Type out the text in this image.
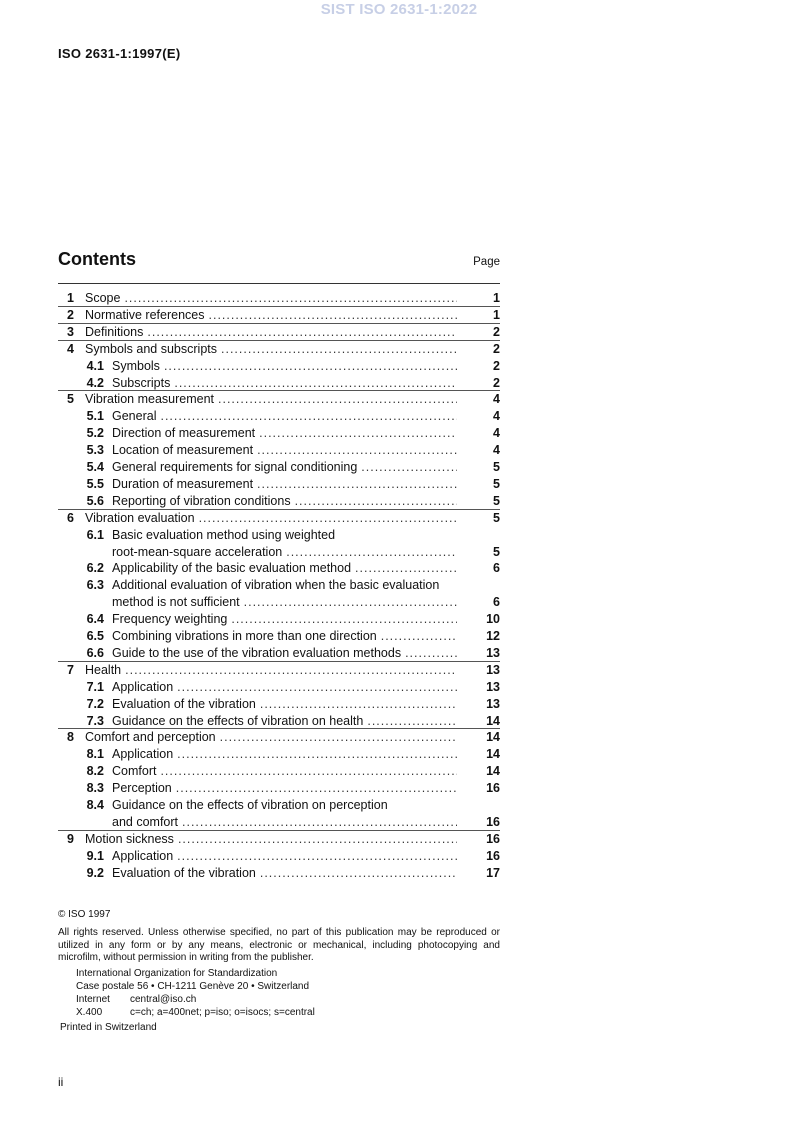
SIST ISO 2631-1:2022
ISO 2631-1:1997(E)
Contents	Page
1 Scope .....	1
2 Normative references .....	1
3 Definitions .....	2
4 Symbols and subscripts .....	2
4.1 Symbols .....	2
4.2 Subscripts .....	2
5 Vibration measurement .....	4
5.1 General .....	4
5.2 Direction of measurement .....	4
5.3 Location of measurement .....	4
5.4 General requirements for signal conditioning .....	5
5.5 Duration of measurement .....	5
5.6 Reporting of vibration conditions .....	5
6 Vibration evaluation .....	5
6.1 Basic evaluation method using weighted
root-mean-square acceleration .....	5
6.2 Applicability of the basic evaluation method .....	6
6.3 Additional evaluation of vibration when the basic evaluation
method is not sufficient .....	6
6.4 Frequency weighting .....	10
6.5 Combining vibrations in more than one direction .....	12
6.6 Guide to the use of the vibration evaluation methods .....	13
7 Health .....	13
7.1 Application .....	13
7.2 Evaluation of the vibration .....	13
7.3 Guidance on the effects of vibration on health .....	14
8 Comfort and perception .....	14
8.1 Application .....	14
8.2 Comfort .....	14
8.3 Perception .....	16
8.4 Guidance on the effects of vibration on perception
and comfort .....	16
9 Motion sickness .....	16
9.1 Application .....	16
9.2 Evaluation of the vibration .....	17
© ISO 1997
All rights reserved. Unless otherwise specified, no part of this publication may be reproduced or utilized in any form or by any means, electronic or mechanical, including photocopying and microfilm, without permission in writing from the publisher.
International Organization for Standardization
Case postale 56 • CH-1211 Genève 20 • Switzerland
Internet central@iso.ch
X.400	c=ch; a=400net; p=iso; o=isocs; s=central
Printed in Switzerland
ii
